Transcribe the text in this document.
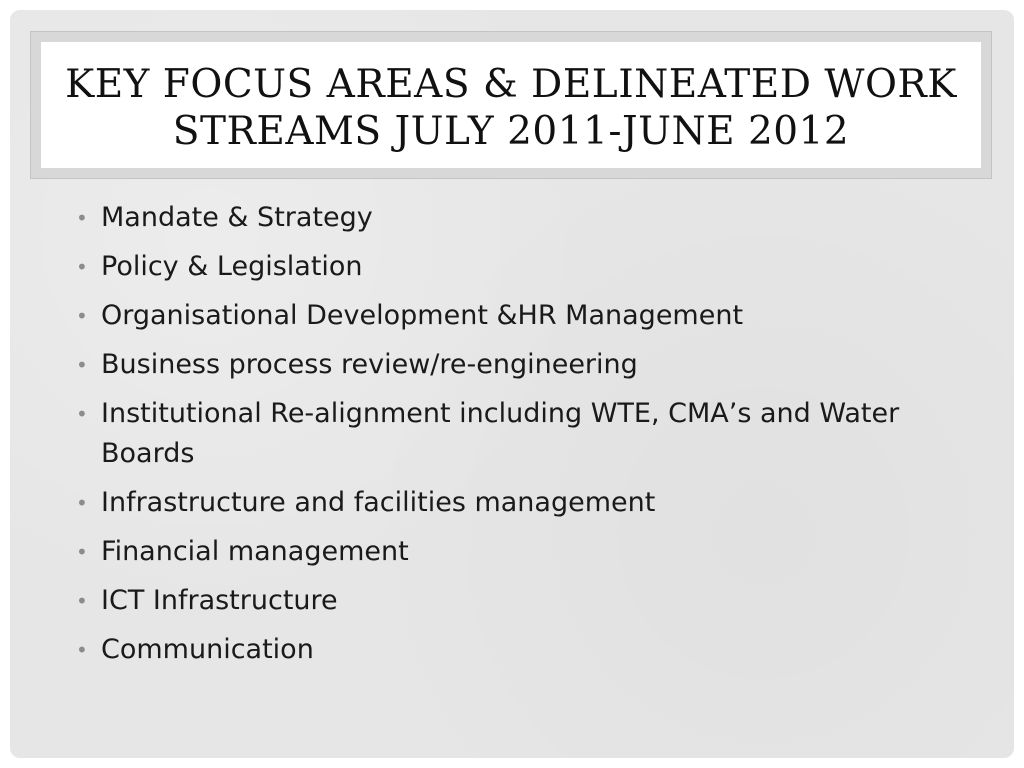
KEY FOCUS AREAS & DELINEATED WORK STREAMS JULY 2011-JUNE 2012
• Mandate & Strategy
• Policy & Legislation
• Organisational Development &HR Management
• Business process review/re-engineering
• Institutional Re-alignment including WTE, CMA’s and Water Boards
• Infrastructure and facilities management
• Financial management
• ICT Infrastructure
• Communication
